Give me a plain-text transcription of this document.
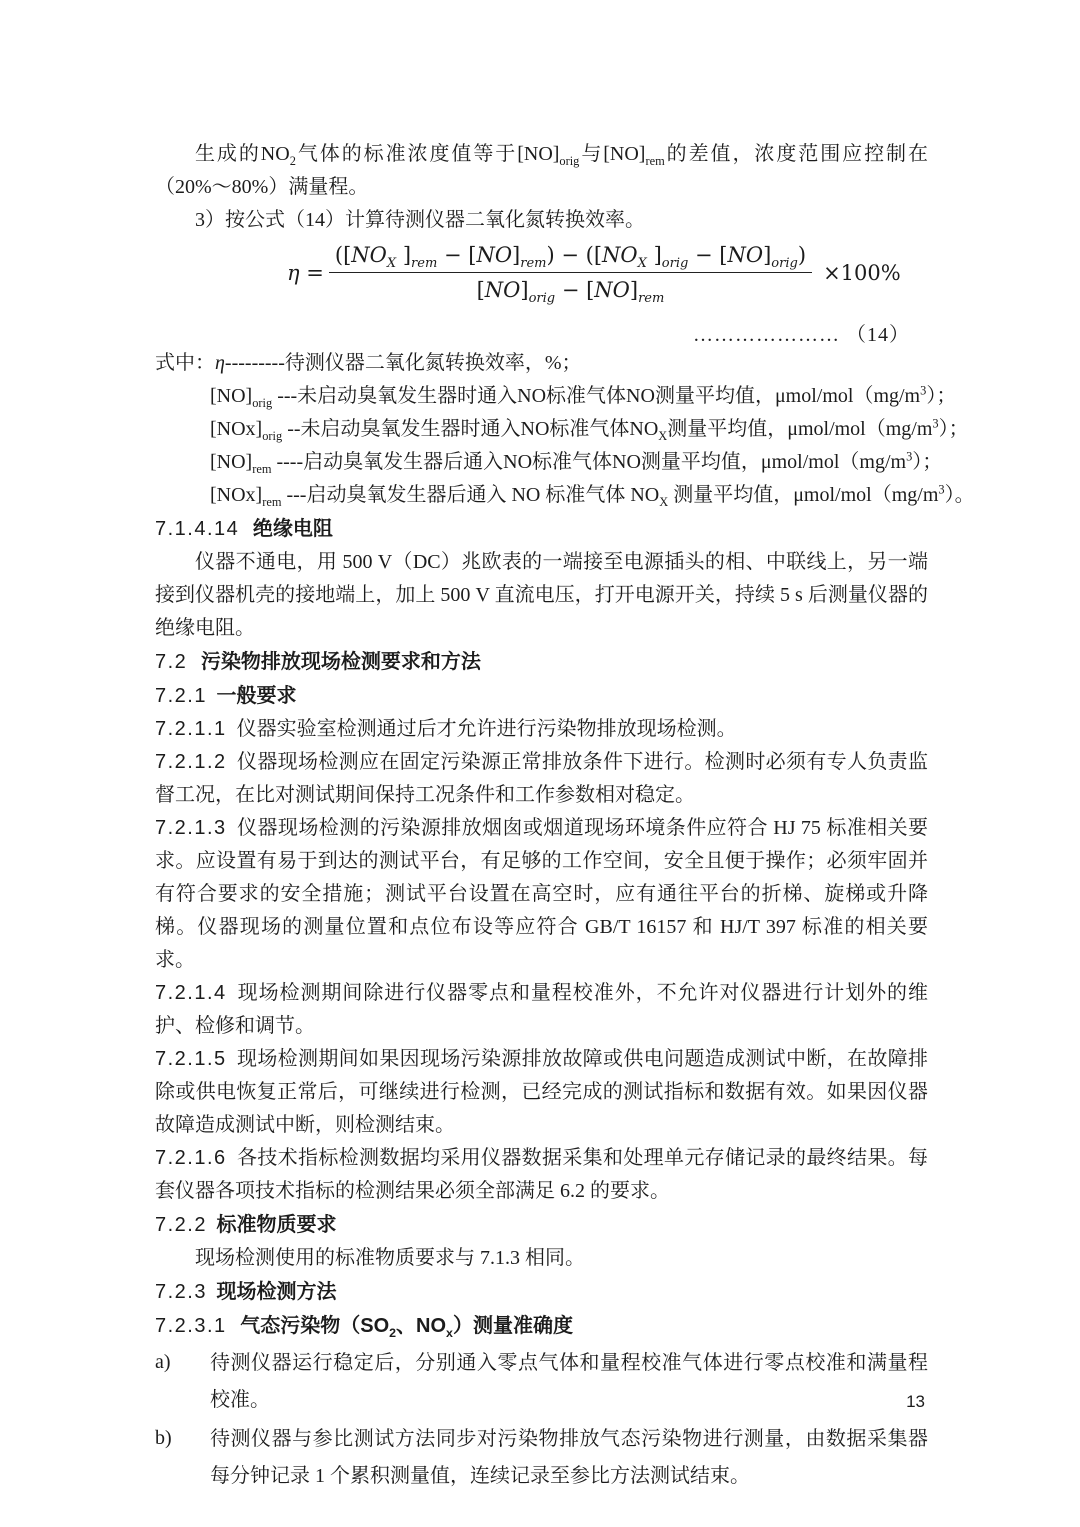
生成的$NO_2$气体的标准浓度值等于$[NO]_{orig}$与$[NO]_{rem}$的差值，浓度范围应控制在（20%～80%）满量程。

3）按公式（14）计算待测仪器二氧化氮转换效率。

$\eta = \frac{([NO_X ]_{rem} - [NO]_{rem}) - ([NO_X ]_{orig} - [NO]_{orig})}{[NO]_{orig} - [NO]_{rem}} \times 100\%$
………………… （14）

式中：η---------待测仪器二氧化氮转换效率，%；

$[NO]_{orig}$ ---未启动臭氧发生器时通入NO标准气体NO测量平均值，μmol/$mol(mg/m^3)$；

$[NOx]_{orig}$ --未启动臭氧发生器时通入NO标准气体$NO_X$测量平均值，μmol/$mol(mg/m^3)$；

$[NO]_{rem}$ ----启动臭氧发生器后通入NO标准气体NO测量平均值，μmol/$mol(mg/m^3)$；

$[NOx]_{rem}$ ---启动臭氧发生器后通入 NO 标准气体 $NO_X$ 测量平均值，μmol/$mol(mg/m^3)$。

7.1.4.14 绝缘电阻

仪器不通电，用 500 V（DC）兆欧表的一端接至电源插头的相、中联线上，另一端接到仪器机壳的接地端上，加上 500 V 直流电压，打开电源开关，持续 5 s 后测量仪器的绝缘电阻。

7.2 污染物排放现场检测要求和方法
7.2.1 一般要求

7.2.1.1 仪器实验室检测通过后才允许进行污染物排放现场检测。

7.2.1.2 仪器现场检测应在固定污染源正常排放条件下进行。检测时必须有专人负责监督工况，在比对测试期间保持工况条件和工作参数相对稳定。

7.2.1.3 仪器现场检测的污染源排放烟囱或烟道现场环境条件应符合 HJ 75 标准相关要求。应设置有易于到达的测试平台，有足够的工作空间，安全且便于操作；必须牢固并有符合要求的安全措施；测试平台设置在高空时，应有通往平台的折梯、旋梯或升降梯。仪器现场的测量位置和点位布设等应符合 GB/T 16157 和 HJ/T 397 标准的相关要求。

7.2.1.4 现场检测期间除进行仪器零点和量程校准外，不允许对仪器进行计划外的维护、检修和调节。

7.2.1.5 现场检测期间如果因现场污染源排放故障或供电问题造成测试中断，在故障排除或供电恢复正常后，可继续进行检测，已经完成的测试指标和数据有效。如果因仪器故障造成测试中断，则检测结束。

7.2.1.6 各技术指标检测数据均采用仪器数据采集和处理单元存储记录的最终结果。每套仪器各项技术指标的检测结果必须全部满足 6.2 的要求。

7.2.2 标准物质要求

现场检测使用的标准物质要求与 7.1.3 相同。

7.2.3 现场检测方法
7.2.3.1 气态污染物（$SO_2$、$NO_x$）测量准确度
a)	待测仪器运行稳定后，分别通入零点气体和量程校准气体进行零点校准和满量程校准。
b)	待测仪器与参比测试方法同步对污染物排放气态污染物进行测量，由数据采集器每分钟记录 1 个累积测量值，连续记录至参比方法测试结束。
13
